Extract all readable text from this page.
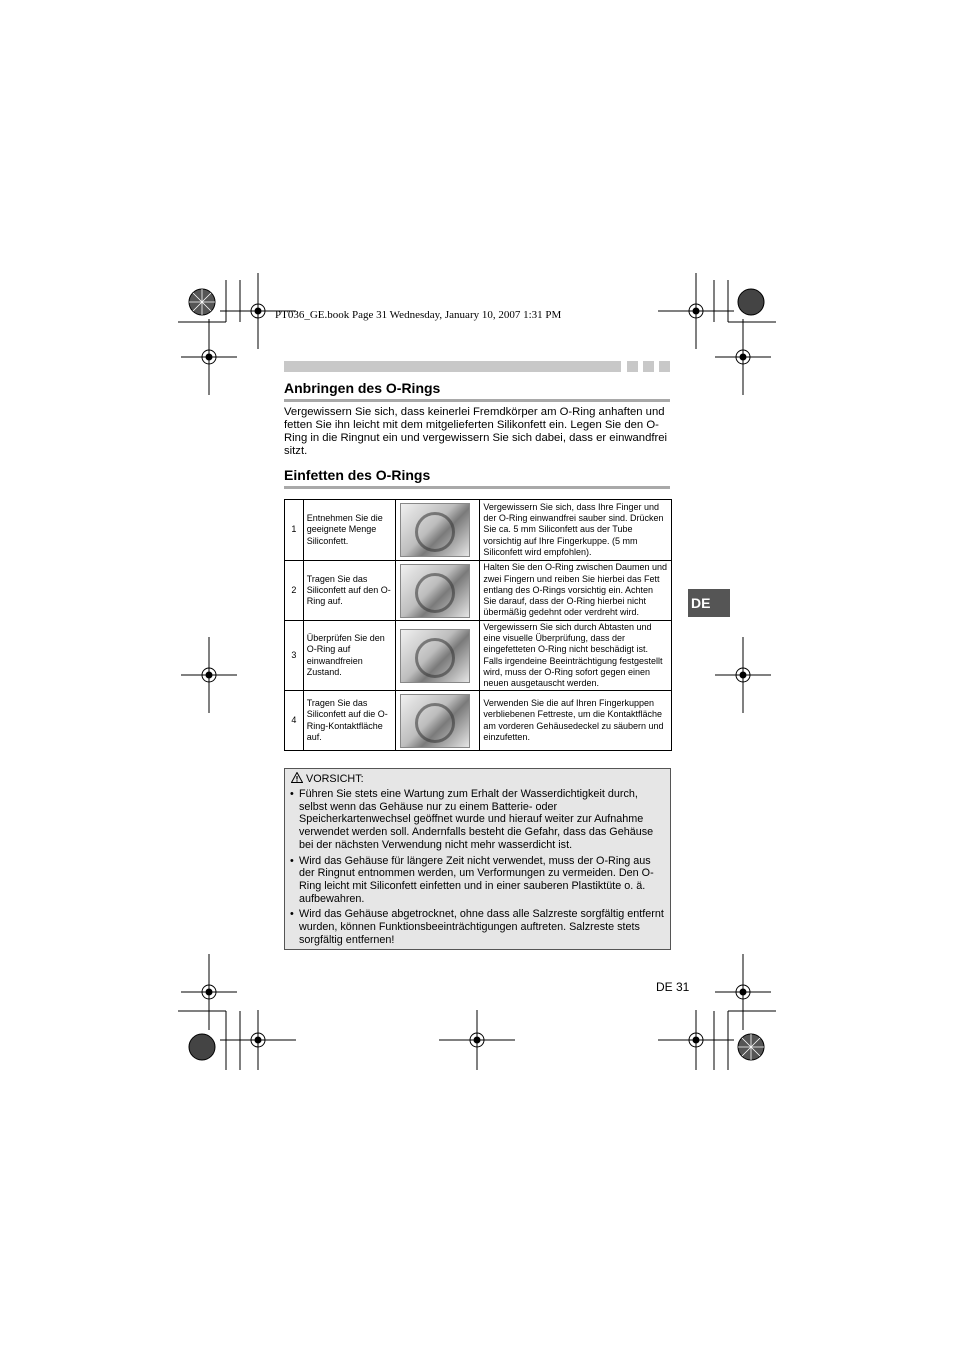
PT036_GE.book Page 31 Wednesday, January 10, 2007 1:31 PM
Anbringen des O-Rings
Vergewissern Sie sich, dass keinerlei Fremdkörper am O-Ring anhaften und fetten Sie ihn leicht mit dem mitgelieferten Silikonfett ein. Legen Sie den O-Ring in die Ringnut ein und vergewissern Sie sich dabei, dass er einwandfrei sitzt.
Einfetten des O-Rings
1	Entnehmen Sie die geeignete Menge Siliconfett.		Vergewissern Sie sich, dass Ihre Finger und der O-Ring einwandfrei sauber sind. Drücken Sie ca. 5 mm Siliconfett aus der Tube vorsichtig auf Ihre Fingerkuppe. (5 mm Siliconfett wird empfohlen).
2	Tragen Sie das Siliconfett auf den O-Ring auf.		Halten Sie den O-Ring zwischen Daumen und zwei Fingern und reiben Sie hierbei das Fett entlang des O-Rings vorsichtig ein. Achten Sie darauf, dass der O-Ring hierbei nicht übermäßig gedehnt oder verdreht wird.
3	Überprüfen Sie den O-Ring auf einwandfreien Zustand.		Vergewissern Sie sich durch Abtasten und eine visuelle Überprüfung, dass der eingefetteten O-Ring nicht beschädigt ist. Falls irgendeine Beeinträchtigung festgestellt wird, muss der O-Ring sofort gegen einen neuen ausgetauscht werden.
4	Tragen Sie das Siliconfett auf die O-Ring-Kontaktfläche auf.		Verwenden Sie die auf Ihren Fingerkuppen verbliebenen Fettreste, um die Kontaktfläche am vorderen Gehäusedeckel zu säubern und einzufetten.
VORSICHT:
• Führen Sie stets eine Wartung zum Erhalt der Wasserdichtigkeit durch, selbst wenn das Gehäuse nur zu einem Batterie- oder Speicherkartenwechsel geöffnet wurde und hierauf weiter zur Aufnahme verwendet werden soll. Andernfalls besteht die Gefahr, dass das Gehäuse bei der nächsten Verwendung nicht mehr wasserdicht ist.
• Wird das Gehäuse für längere Zeit nicht verwendet, muss der O-Ring aus der Ringnut entnommen werden, um Verformungen zu vermeiden. Den O-Ring leicht mit Siliconfett einfetten und in einer sauberen Plastiktüte o. ä. aufbewahren.
• Wird das Gehäuse abgetrocknet, ohne dass alle Salzreste sorgfältig entfernt wurden, können Funktionsbeeinträchtigungen auftreten. Salzreste stets sorgfältig entfernen!
DE
DE 31
